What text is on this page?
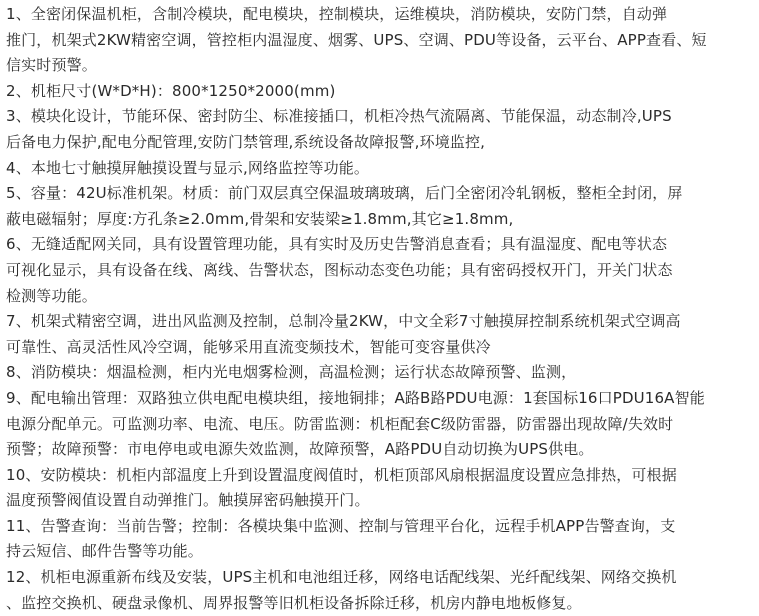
1、全密闭保温机柜，含制冷模块，配电模块，控制模块，运维模块，消防模块，安防门禁，自动弹
推门，机架式2KW精密空调，管控柜内温湿度、烟雾、UPS、空调、PDU等设备，云平台、APP查看、短
信实时预警。
2、机柜尺寸(W*D*H)：800*1250*2000(mm)
3、模块化设计，节能环保、密封防尘、标准接插口，机柜冷热气流隔离、节能保温，动态制冷,UPS
后备电力保护,配电分配管理,安防门禁管理,系统设备故障报警,环境监控,
4、本地七寸触摸屏触摸设置与显示,网络监控等功能。
5、容量：42U标准机架。材质：前门双层真空保温玻璃玻璃，后门全密闭冷轧钢板，整柜全封闭，屏
蔽电磁辐射；厚度:方孔条≥2.0mm,骨架和安装梁≥1.8mm,其它≥1.8mm,
6、无缝适配网关同，具有设置管理功能，具有实时及历史告警消息查看；具有温湿度、配电等状态
可视化显示，具有设备在线、离线、告警状态，图标动态变色功能；具有密码授权开门，开关门状态
检测等功能。
7、机架式精密空调，进出风监测及控制，总制冷量2KW，中文全彩7寸触摸屏控制系统机架式空调高
可靠性、高灵活性风冷空调，能够采用直流变频技术，智能可变容量供冷
8、消防模块：烟温检测，柜内光电烟雾检测，高温检测；运行状态故障预警、监测，
9、配电输出管理：双路独立供电配电模块组，接地铜排；A路B路PDU电源：1套国标16口PDU16A智能
电源分配单元。可监测功率、电流、电压。防雷监测：机柜配套C级防雷器，防雷器出现故障/失效时
预警；故障预警：市电停电或电源失效监测，故障预警，A路PDU自动切换为UPS供电。
10、安防模块：机柜内部温度上升到设置温度阀值时，机柜顶部风扇根据温度设置应急排热，可根据
温度预警阀值设置自动弹推门。触摸屏密码触摸开门。
11、告警查询：当前告警；控制：各模块集中监测、控制与管理平台化，远程手机APP告警查询，支
持云短信、邮件告警等功能。
12、机柜电源重新布线及安装，UPS主机和电池组迁移，网络电话配线架、光纤配线架、网络交换机
、监控交换机、硬盘录像机、周界报警等旧机柜设备拆除迁移，机房内静电地板修复。
